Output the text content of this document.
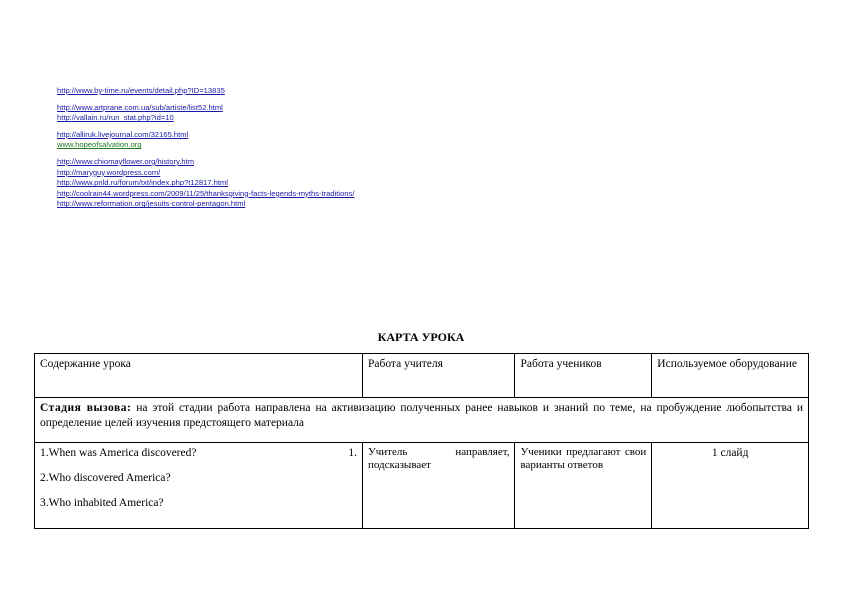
http://www.by-time.ru/events/detail.php?ID=13835
http://www.artprane.com.ua/sub/artiste/list52.html
http://vallain.ru/run_stat.php?id=10
http://alliruk.livejournal.com/32165.html
www.hopeofsalvation.org
http://www.chiomayflower.org/history.htm
http://maryguy.wordpress.com/
http://www.prild.ru/forum/txt/index.php?t12817.html
http://coolrain44.wordpress.com/2009/11/25/thanksgiving-facts-legends-myths-traditions/
http://www.reformation.org/jesuits-control-pentagon.html
КАРТА УРОКА
Содержание урока	Работа учителя	Работа учеников	Используемое оборудование
Стадия вызова: на этой стадии работа направлена на активизацию полученных ранее навыков и знаний по теме, на пробуждение любопытства и определение целей изучения предстоящего материала			

1.When was America discovered? 1.
2.Who discovered America?
3.Who inhabited America?	Учитель направляет, подсказывает	Ученики предлагают свои варианты ответов	1 слайд
